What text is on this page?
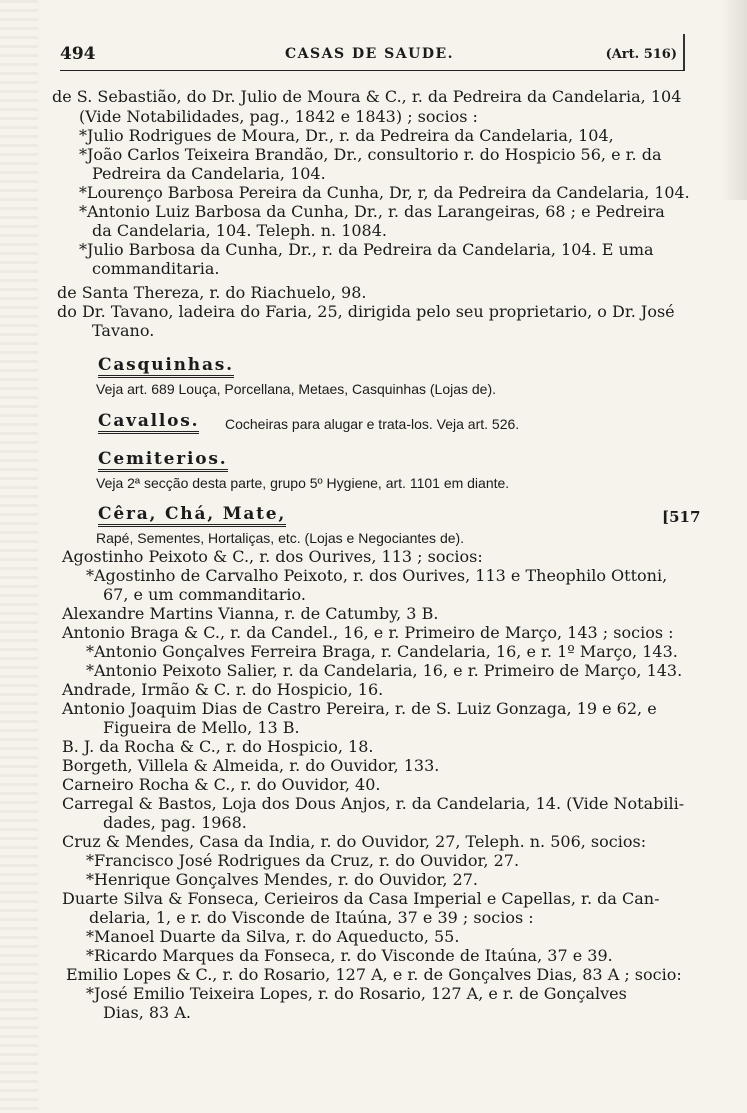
494	CASAS DE SAUDE.	(Art. 516)
de S. Sebastião, do Dr. Julio de Moura & C., r. da Pedreira da Candelaria, 104
(Vide Notabilidades, pag., 1842 e 1843) ; socios :
*Julio Rodrigues de Moura, Dr., r. da Pedreira da Candelaria, 104,
*João Carlos Teixeira Brandão, Dr., consultorio r. do Hospicio 56, e r. da
Pedreira da Candelaria, 104.
*Lourenço Barbosa Pereira da Cunha, Dr, r, da Pedreira da Candelaria, 104.
*Antonio Luiz Barbosa da Cunha, Dr., r. das Larangeiras, 68 ; e Pedreira
da Candelaria, 104. Teleph. n. 1084.
*Julio Barbosa da Cunha, Dr., r. da Pedreira da Candelaria, 104. E uma
commanditaria.
de Santa Thereza, r. do Riachuelo, 98.
do Dr. Tavano, ladeira do Faria, 25, dirigida pelo seu proprietario, o Dr. José
Tavano.
Casquinhas.
Veja art. 689 Louça, Porcellana, Metaes, Casquinhas (Lojas de).
Cavallos. Cocheiras para alugar e trata-los. Veja art. 526.
Cemiterios.
Veja 2ª secção desta parte, grupo 5º Hygiene, art. 1101 em diante.
Cêra, Chá, Mate,	[517
Rapé, Sementes, Hortaliças, etc. (Lojas e Negociantes de).
Agostinho Peixoto & C., r. dos Ourives, 113 ; socios:
*Agostinho de Carvalho Peixoto, r. dos Ourives, 113 e Theophilo Ottoni,
67, e um commanditario.
Alexandre Martins Vianna, r. de Catumby, 3 B.
Antonio Braga & C., r. da Candel., 16, e r. Primeiro de Março, 143 ; socios :
*Antonio Gonçalves Ferreira Braga, r. Candelaria, 16, e r. 1º Março, 143.
*Antonio Peixoto Salier, r. da Candelaria, 16, e r. Primeiro de Março, 143.
Andrade, Irmão & C. r. do Hospicio, 16.
Antonio Joaquim Dias de Castro Pereira, r. de S. Luiz Gonzaga, 19 e 62, e
Figueira de Mello, 13 B.
B. J. da Rocha & C., r. do Hospicio, 18.
Borgeth, Villela & Almeida, r. do Ouvidor, 133.
Carneiro Rocha & C., r. do Ouvidor, 40.
Carregal & Bastos, Loja dos Dous Anjos, r. da Candelaria, 14. (Vide Notabili-
dades, pag. 1968.
Cruz & Mendes, Casa da India, r. do Ouvidor, 27, Teleph. n. 506, socios:
*Francisco José Rodrigues da Cruz, r. do Ouvidor, 27.
*Henrique Gonçalves Mendes, r. do Ouvidor, 27.
Duarte Silva & Fonseca, Cerieiros da Casa Imperial e Capellas, r. da Can-
delaria, 1, e r. do Visconde de Itaúna, 37 e 39 ; socios :
*Manoel Duarte da Silva, r. do Aqueducto, 55.
*Ricardo Marques da Fonseca, r. do Visconde de Itaúna, 37 e 39.
Emilio Lopes & C., r. do Rosario, 127 A, e r. de Gonçalves Dias, 83 A ; socio:
*José Emilio Teixeira Lopes, r. do Rosario, 127 A, e r. de Gonçalves
Dias, 83 A.
